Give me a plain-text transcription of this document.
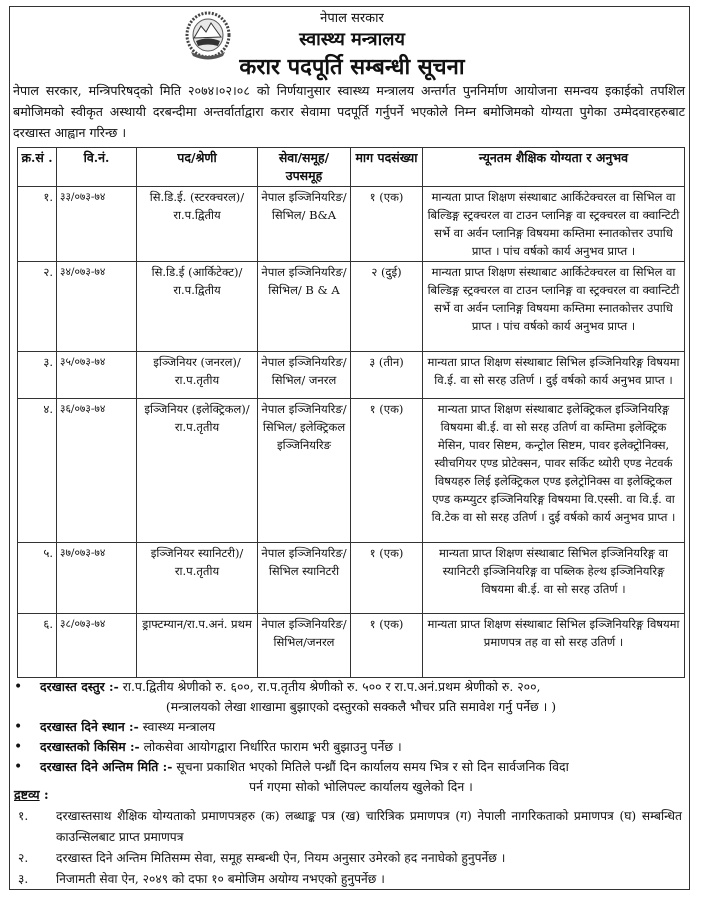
नेपाल सरकार
स्वास्थ्य मन्त्रालय
करार पदपूर्ति सम्बन्धी सूचना
नेपाल सरकार, मन्त्रिपरिषद्को मिति २०७४।०२।०८ को निर्णयानुसार स्वास्थ्य मन्त्रालय अन्तर्गत पुननिर्माण आयोजना समन्वय इकाईको तपशिल बमोजिमको स्वीकृत अस्थायी दरबन्दीमा अन्तर्वार्ताद्वारा करार सेवामा पदपूर्ति गर्नुपर्ने भएकोले निम्न बमोजिमको योग्यता पुगेका उम्मेदवारहरुबाट दरखास्त आह्वान गरिन्छ ।
क्र.सं .	वि.नं.	पद/श्रेणी	सेवा/समूह/ उपसमूह	माग पदसंख्या	न्यूनतम शैक्षिक योग्यता र अनुभव
१.	३३/०७३-७४	सि.डि.ई. (स्टरक्चरल)/ रा.प.द्वितीय	नेपाल इञ्जिनियरिङ/ सिभिल/ B&A	१ (एक)	मान्यता प्राप्त शिक्षण संस्थाबाट आर्किटेक्चरल वा सिभिल वा बिल्डिङ्ग स्ट्रक्चरल वा टाउन प्लानिङ्ग वा स्ट्रक्चरल वा क्वान्टिटी सर्भे वा अर्वन प्लानिङ्ग विषयमा कम्तिमा स्नातकोत्तर उपाधि प्राप्त । पांच वर्षको कार्य अनुभव प्राप्त ।
२.	३४/०७३-७४	सि.डि.ई (आर्किटेक्ट)/ रा.प.द्वितीय	नेपाल इञ्जिनियरिङ/ सिभिल/ B & A	२ (दुई)	मान्यता प्राप्त शिक्षण संस्थाबाट आर्किटेक्चरल वा सिभिल वा बिल्डिङ्ग स्ट्रक्चरल वा टाउन प्लानिङ्ग वा स्ट्रक्चरल वा क्वान्टिटी सर्भे वा अर्वन प्लानिङ्ग विषयमा कम्तिमा स्नातकोत्तर उपाधि प्राप्त । पांच वर्षको कार्य अनुभव प्राप्त ।
३.	३५/०७३-७४	इञ्जिनियर (जनरल)/रा.प.तृतीय	नेपाल इञ्जिनियरिङ/ सिभिल/ जनरल	३ (तीन)	मान्यता प्राप्त शिक्षण संस्थाबाट सिभिल इञ्जिनियरिङ्ग विषयमा वि.ई. वा सो सरह उतिर्ण । दुई वर्षको कार्य अनुभव प्राप्त ।
४.	३६/०७३-७४	इञ्जिनियर (इलेक्ट्रिकल)/ रा.प.तृतीय	नेपाल इञ्जिनियरिङ/ सिभिल/ इलेक्ट्रिकल इञ्जिनियरिङ	१ (एक)	मान्यता प्राप्त शिक्षण संस्थाबाट इलेक्ट्रिकल इञ्जिनियरिङ्ग विषयमा बी.ई. वा सो सरह उतिर्ण वा कम्तिमा इलेक्ट्रिक मेसिन, पावर सिष्टम, कन्ट्रोल सिष्टम, पावर इलेक्ट्रोनिक्स, स्वीचगियर एण्ड प्रोटेक्सन, पावर सर्किट थ्योरी एण्ड नेटवर्क विषयहरु लिई इलेक्ट्रिकल एण्ड इलेट्रोनिक्स वा इलेक्ट्रिकल एण्ड कम्प्युटर इञ्जिनियरिङ्ग विषयमा वि.एस्सी. वा वि.ई. वा वि.टेक वा सो सरह उतिर्ण । दुई वर्षको कार्य अनुभव प्राप्त ।
५.	३७/०७३-७४	इञ्जिनियर स्यानिटरी)/रा.प.तृतीय	नेपाल इञ्जिनियरिङ/ सिभिल स्यानिटरी	१ (एक)	मान्यता प्राप्त शिक्षण संस्थाबाट सिभिल इञ्जिनियरिङ्ग वा स्यानिटरी इञ्जिनियरिङ्ग वा पब्लिक हेल्थ इञ्जिनियरिङ्ग विषयमा बी.ई. वा सो सरह उतिर्ण ।
६.	३८/०७३-७४	ड्राफ्टम्यान/रा.प.अनं. प्रथम	नेपाल इञ्जिनियरिङ/ सिभिल/जनरल	१ (एक)	मान्यता प्राप्त शिक्षण संस्थाबाट सिभिल इञ्जिनियरिङ्ग विषयमा प्रमाणपत्र तह वा सो सरह उतिर्ण ।
•	दरखास्त दस्तुर :- रा.प.द्वितीय श्रेणीको रु. ६००, रा.प.तृतीय श्रेणीको रु. ५०० र रा.प.अनं.प्रथम श्रेणीको रु. २००,
(मन्त्रालयको लेखा शाखामा बुझाएको दस्तुरको सक्कलै भौचर प्रति समावेश गर्नु पर्नेछ । )
•	दरखास्त दिने स्थान :- स्वास्थ्य मन्त्रालय
•	दरखास्तको किसिम :- लोकसेवा आयोगद्वारा निर्धारित फाराम भरी बुझाउनु पर्नेछ ।
•	दरखास्त दिने अन्तिम मिति :- सूचना प्रकाशित भएको मितिले पन्ध्रौं दिन कार्यालय समय भित्र र सो दिन सार्वजनिक विदा
पर्न गएमा सोको भोलिपल्ट कार्यालय खुलेको दिन ।
द्रष्टव्य :
१.	दरखास्तसाथ शैक्षिक योग्यताको प्रमाणपत्रहरु (क) लब्धाङ्क पत्र (ख) चारित्रिक प्रमाणपत्र (ग) नेपाली नागरिकताको प्रमाणपत्र (घ) सम्बन्धित काउन्सिलबाट प्राप्त प्रमाणपत्र
२.	दरखास्त दिने अन्तिम मितिसम्म सेवा, समूह सम्बन्धी ऐन, नियम अनुसार उमेरको हद ननाघेको हुनुपर्नेछ ।
३.	निजामती सेवा ऐन, २०४९ को दफा १० बमोजिम अयोग्य नभएको हुनुपर्नेछ ।
